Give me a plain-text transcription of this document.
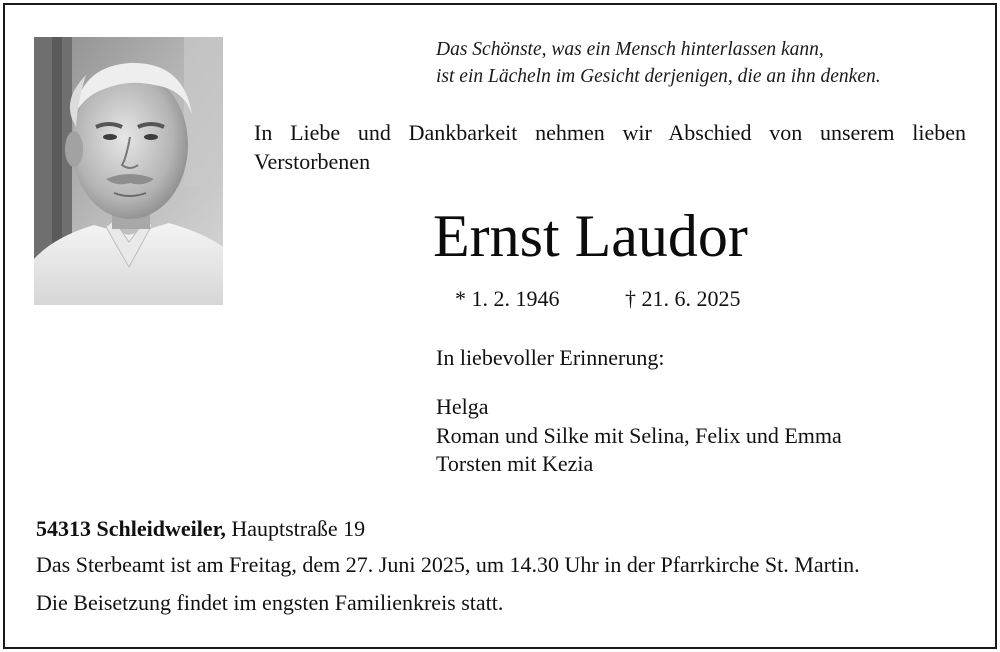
Das Schönste, was ein Mensch hinterlassen kann,
ist ein Lächeln im Gesicht derjenigen, die an ihn denken.
In Liebe und Dankbarkeit nehmen wir Abschied von unserem lieben Verstorbenen
Ernst Laudor
* 1. 2. 1946	† 21. 6. 2025
In liebevoller Erinnerung:
Helga
Roman und Silke mit Selina, Felix und Emma
Torsten mit Kezia
54313 Schleidweiler, Hauptstraße 19
Das Sterbeamt ist am Freitag, dem 27. Juni 2025, um 14.30 Uhr in der Pfarrkirche St. Martin.
Die Beisetzung findet im engsten Familienkreis statt.
